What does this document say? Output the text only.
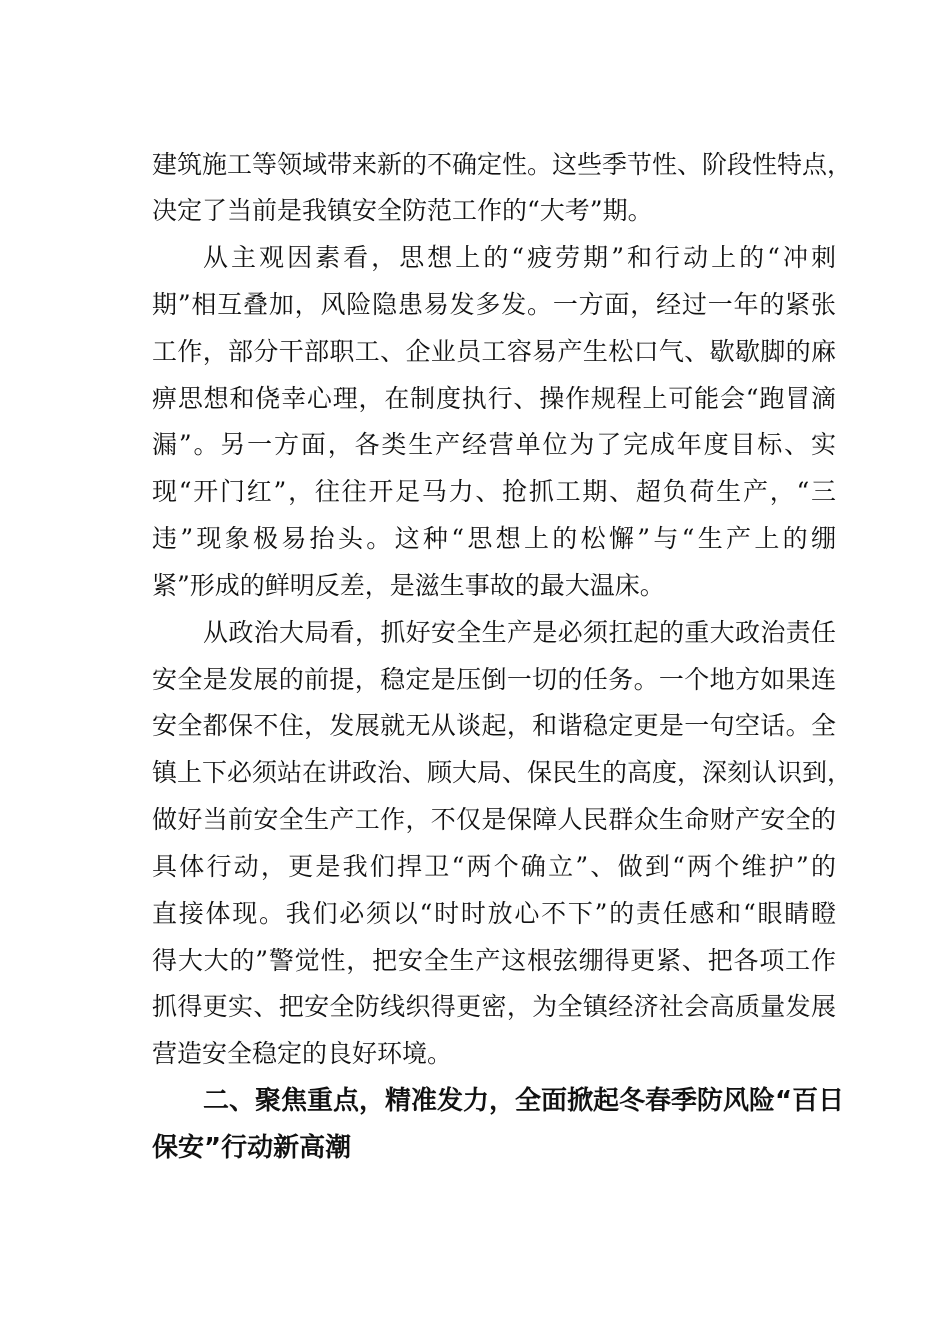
建筑施工等领域带来新的不确定性。这些季节性、阶段性特点，
决定了当前是我镇安全防范工作的“大考”期。
从主观因素看，思想上的“疲劳期”和行动上的“冲刺
期”相互叠加，风险隐患易发多发。一方面，经过一年的紧张
工作，部分干部职工、企业员工容易产生松口气、歇歇脚的麻
痹思想和侥幸心理，在制度执行、操作规程上可能会“跑冒滴
漏”。另一方面，各类生产经营单位为了完成年度目标、实
现“开门红”，往往开足马力、抢抓工期、超负荷生产，“三
违”现象极易抬头。这种“思想上的松懈”与“生产上的绷
紧”形成的鲜明反差，是滋生事故的最大温床。
从政治大局看，抓好安全生产是必须扛起的重大政治责任
安全是发展的前提，稳定是压倒一切的任务。一个地方如果连
安全都保不住，发展就无从谈起，和谐稳定更是一句空话。全
镇上下必须站在讲政治、顾大局、保民生的高度，深刻认识到，
做好当前安全生产工作，不仅是保障人民群众生命财产安全的
具体行动，更是我们捍卫“两个确立”、做到“两个维护”的
直接体现。我们必须以“时时放心不下”的责任感和“眼睛瞪
得大大的”警觉性，把安全生产这根弦绷得更紧、把各项工作
抓得更实、把安全防线织得更密，为全镇经济社会高质量发展
营造安全稳定的良好环境。
二、聚焦重点，精准发力，全面掀起冬春季防风险“百日
保安”行动新高潮
